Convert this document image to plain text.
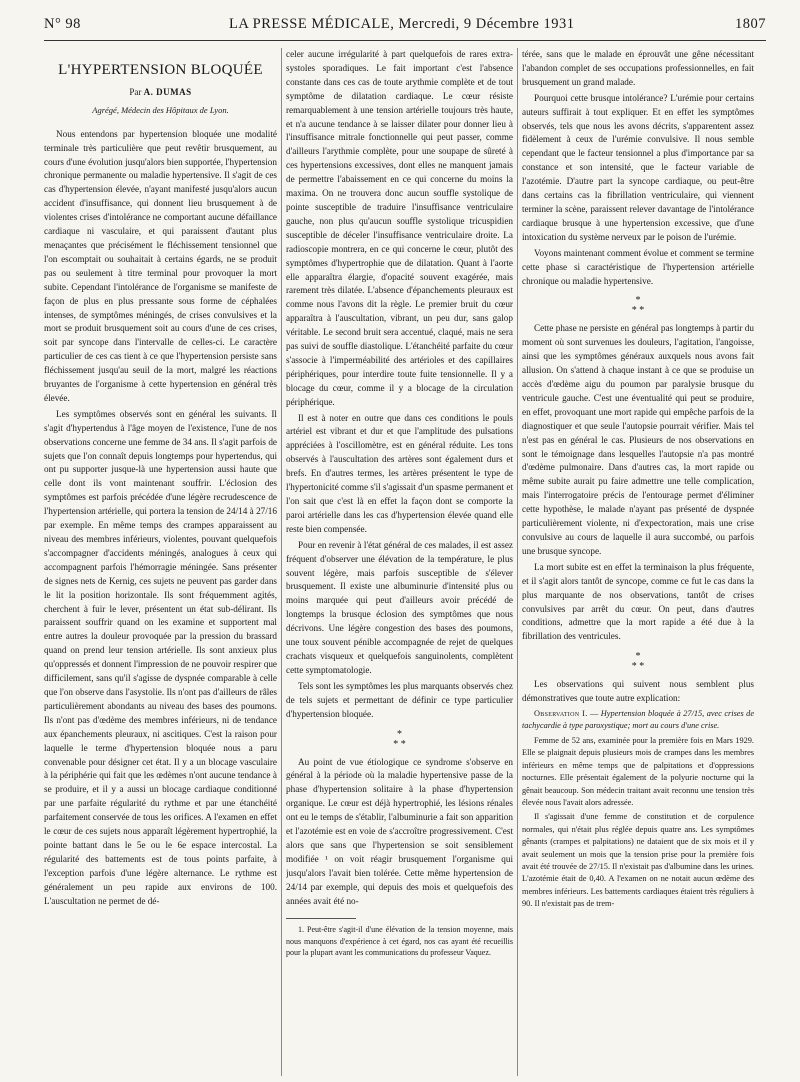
N° 98	LA PRESSE MÉDICALE, Mercredi, 9 Décembre 1931	1807
L'HYPERTENSION BLOQUÉE
Par A. DUMAS
Agrégé, Médecin des Hôpitaux de Lyon.

Nous entendons par hypertension bloquée une modalité terminale très particulière que peut revêtir brusquement, au cours d'une évolution jusqu'alors bien supportée, l'hypertension chronique permanente ou maladie hypertensive. Il s'agit de ces cas d'hypertension élevée, n'ayant manifesté jusqu'alors aucun accident d'insuffisance, qui donnent lieu brusquement à de violentes crises d'intolérance ne comportant aucune défaillance cardiaque ni vasculaire, et qui paraissent d'autant plus menaçantes que précisément le fléchissement tensionnel que l'on escomptait ou souhaitait à certains égards, ne se produit pas ou seulement à titre terminal pour provoquer la mort subite. Cependant l'intolérance de l'organisme se manifeste de façon de plus en plus pressante sous forme de céphalées intenses, de symptômes méningés, de crises convulsives et la mort se produit brusquement soit au cours d'une de ces crises, soit par syncope dans l'intervalle de celles-ci. Le caractère particulier de ces cas tient à ce que l'hypertension persiste sans fléchissement jusqu'au seuil de la mort, malgré les réactions bruyantes de l'organisme à cette hypertension en général très élevée.

Les symptômes observés sont en général les suivants. Il s'agit d'hypertendus à l'âge moyen de l'existence, l'une de nos observations concerne une femme de 34 ans. Il s'agit parfois de sujets que l'on connaît depuis longtemps pour hypertendus, qui ont pu supporter jusque-là une hypertension aussi haute que celle dont ils vont maintenant souffrir. L'éclosion des symptômes est parfois précédée d'une légère recrudescence de l'hypertension artérielle, qui portera la tension de 24/14 à 27/16 par exemple. En même temps des crampes apparaissent au niveau des membres inférieurs, violentes, pouvant quelquefois s'accompagner d'accidents méningés, analogues à ceux qui accompagnent parfois l'hémorragie méningée. Sans présenter de signes nets de Kernig, ces sujets ne peuvent pas garder dans le lit la position horizontale. Ils sont fréquemment agités, cherchent à fuir le lever, présentent un état sub-délirant. Ils paraissent souffrir quand on les examine et supportent mal entre autres la douleur provoquée par la pression du brassard quand on prend leur tension artérielle. Ils sont anxieux plus qu'oppressés et donnent l'impression de ne pouvoir respirer que difficilement, sans qu'il s'agisse de dyspnée comparable à celle que l'on observe dans l'asystolie. Ils n'ont pas d'ailleurs de râles particulièrement abondants au niveau des bases des poumons. Ils n'ont pas d'œdème des membres inférieurs, ni de tendance aux épanchements pleuraux, ni ascitiques. C'est la raison pour laquelle le terme d'hypertension bloquée nous a paru convenable pour désigner cet état. Il y a un blocage vasculaire à la périphérie qui fait que les œdèmes n'ont aucune tendance à se produire, et il y a aussi un blocage cardiaque conditionné par une parfaite régularité du rythme et par une étanchéité parfaitement conservée de tous les orifices. A l'examen en effet le cœur de ces sujets nous apparaît légèrement hypertrophié, la pointe battant dans le 5e ou le 6e espace intercostal. La régularité des battements est de tous points parfaite, à l'exception parfois d'une légère alternance. Le rythme est généralement un peu rapide aux environs de 100. L'auscultation ne permet de dé-

celer aucune irrégularité à part quelquefois de rares extra-systoles sporadiques. Le fait important c'est l'absence constante dans ces cas de toute arythmie complète et de tout symptôme de dilatation cardiaque. Le cœur résiste remarquablement à une tension artérielle toujours très haute, et n'a aucune tendance à se laisser dilater pour donner lieu à l'insuffisance mitrale fonctionnelle qui peut passer, comme d'ailleurs l'arythmie complète, pour une soupape de sûreté à ces hypertensions excessives, dont elles ne manquent jamais de permettre l'abaissement en ce qui concerne du moins la maxima. On ne trouvera donc aucun souffle systolique de pointe susceptible de traduire l'insuffisance ventriculaire gauche, non plus qu'aucun souffle systolique tricuspidien susceptible de déceler l'insuffisance ventriculaire droite. La radioscopie montrera, en ce qui concerne le cœur, plutôt des symptômes d'hypertrophie que de dilatation. Quant à l'aorte elle apparaîtra élargie, d'opacité souvent exagérée, mais rarement très dilatée. L'absence d'épanchements pleuraux est comme nous l'avons dit la règle. Le premier bruit du cœur apparaîtra à l'auscultation, vibrant, un peu dur, sans galop véritable. Le second bruit sera accentué, claqué, mais ne sera pas suivi de souffle diastolique. L'étanchéité parfaite du cœur s'associe à l'imperméabilité des artérioles et des capillaires périphériques, pour interdire toute fuite tensionnelle. Il y a blocage du cœur, comme il y a blocage de la circulation périphérique.

Il est à noter en outre que dans ces conditions le pouls artériel est vibrant et dur et que l'amplitude des pulsations appréciées à l'oscillomètre, est en général réduite. Les tons observés à l'auscultation des artères sont également durs et brefs. En d'autres termes, les artères présentent le type de l'hypertonicité comme s'il s'agissait d'un spasme permanent et l'on sait que c'est là en effet la façon dont se comporte la paroi artérielle dans les cas d'hypertension élevée quand elle reste bien compensée.

Pour en revenir à l'état général de ces malades, il est assez fréquent d'observer une élévation de la température, le plus souvent légère, mais parfois susceptible de s'élever brusquement. Il existe une albuminurie d'intensité plus ou moins marquée qui peut d'ailleurs avoir précédé de longtemps la brusque éclosion des symptômes que nous décrivons. Une légère congestion des bases des poumons, une toux souvent pénible accompagnée de rejet de quelques crachats visqueux et quelquefois sanguinolents, complètent cette symptomatologie.

Tels sont les symptômes les plus marquants observés chez de tels sujets et permettant de définir ce type particulier d'hypertension bloquée.

*
* *

Au point de vue étiologique ce syndrome s'observe en général à la période où la maladie hypertensive passe de la phase d'hypertension solitaire à la phase d'hypertension organique. Le cœur est déjà hypertrophié, les lésions rénales ont eu le temps de s'établir, l'albuminurie a fait son apparition et l'azotémie est en voie de s'accroître progressivement. C'est alors que sans que l'hypertension se soit sensiblement modifiée ¹ on voit réagir brusquement l'organisme qui jusqu'alors l'avait bien tolérée. Cette même hypertension de 24/14 par exemple, qui depuis des mois et quelquefois des années avait été no-

1. Peut-être s'agit-il d'une élévation de la tension moyenne, mais nous manquons d'expérience à cet égard, nos cas ayant été recueillis pour la plupart avant les communications du professeur Vaquez.

térée, sans que le malade en éprouvât une gêne nécessitant l'abandon complet de ses occupations professionnelles, en fait brusquement un grand malade.

Pourquoi cette brusque intolérance? L'urémie pour certains auteurs suffirait à tout expliquer. Et en effet les symptômes observés, tels que nous les avons décrits, s'apparentent assez fidèlement à ceux de l'urémie convulsive. Il nous semble cependant que le facteur tensionnel a plus d'importance par sa constance et son intensité, que le facteur variable de l'azotémie. D'autre part la syncope cardiaque, ou peut-être dans certains cas la fibrillation ventriculaire, qui viennent terminer la scène, paraissent relever davantage de l'intolérance cardiaque brusque à une hypertension excessive, que d'une intoxication du système nerveux par le poison de l'urémie.

Voyons maintenant comment évolue et comment se termine cette phase si caractéristique de l'hypertension artérielle chronique ou maladie hypertensive.

*
* *

Cette phase ne persiste en général pas longtemps à partir du moment où sont survenues les douleurs, l'agitation, l'angoisse, ainsi que les symptômes généraux auxquels nous avons fait allusion. On s'attend à chaque instant à ce que se produise un accès d'œdème aigu du poumon par paralysie brusque du ventricule gauche. C'est une éventualité qui peut se produire, en effet, provoquant une mort rapide qui empêche parfois de la diagnostiquer et que seule l'autopsie pourrait vérifier. Mais tel n'est pas en général le cas. Plusieurs de nos observations en sont le témoignage dans lesquelles l'autopsie n'a pas montré d'œdème pulmonaire. Dans d'autres cas, la mort rapide ou même subite aurait pu faire admettre une telle complication, mais l'interrogatoire précis de l'entourage permet d'éliminer cette hypothèse, le malade n'ayant pas présenté de dyspnée particulièrement violente, ni d'expectoration, mais une crise convulsive au cours de laquelle il aura succombé, ou parfois une brusque syncope.

La mort subite est en effet la terminaison la plus fréquente, et il s'agit alors tantôt de syncope, comme ce fut le cas dans la plus marquante de nos observations, tantôt de crises convulsives par arrêt du cœur. On peut, dans d'autres conditions, admettre que la mort rapide a été due à la fibrillation des ventricules.

*
* *

Les observations qui suivent nous semblent plus démonstratives que toute autre explication:

Observation I. — Hypertension bloquée à 27/15, avec crises de tachycardie à type paroxystique; mort au cours d'une crise.

Femme de 52 ans, examinée pour la première fois en Mars 1929. Elle se plaignait depuis plusieurs mois de crampes dans les membres inférieurs en même temps que de palpitations et d'oppressions nocturnes. Elle présentait également de la polyurie nocturne qui la gênait beaucoup. Son médecin traitant avait reconnu une tension très élevée nous l'avait alors adressée.

Il s'agissait d'une femme de constitution et de corpulence normales, qui n'était plus réglée depuis quatre ans. Les symptômes gênants (crampes et palpitations) ne dataient que de six mois et il y avait seulement un mois que la tension prise pour la première fois avait été trouvée de 27/15. Il n'existait pas d'albumine dans les urines. L'azotémie était de 0,40. A l'examen on ne notait aucun œdème des membres inférieurs. Les battements cardiaques étaient très réguliers à 90. Il n'existait pas de trem-
